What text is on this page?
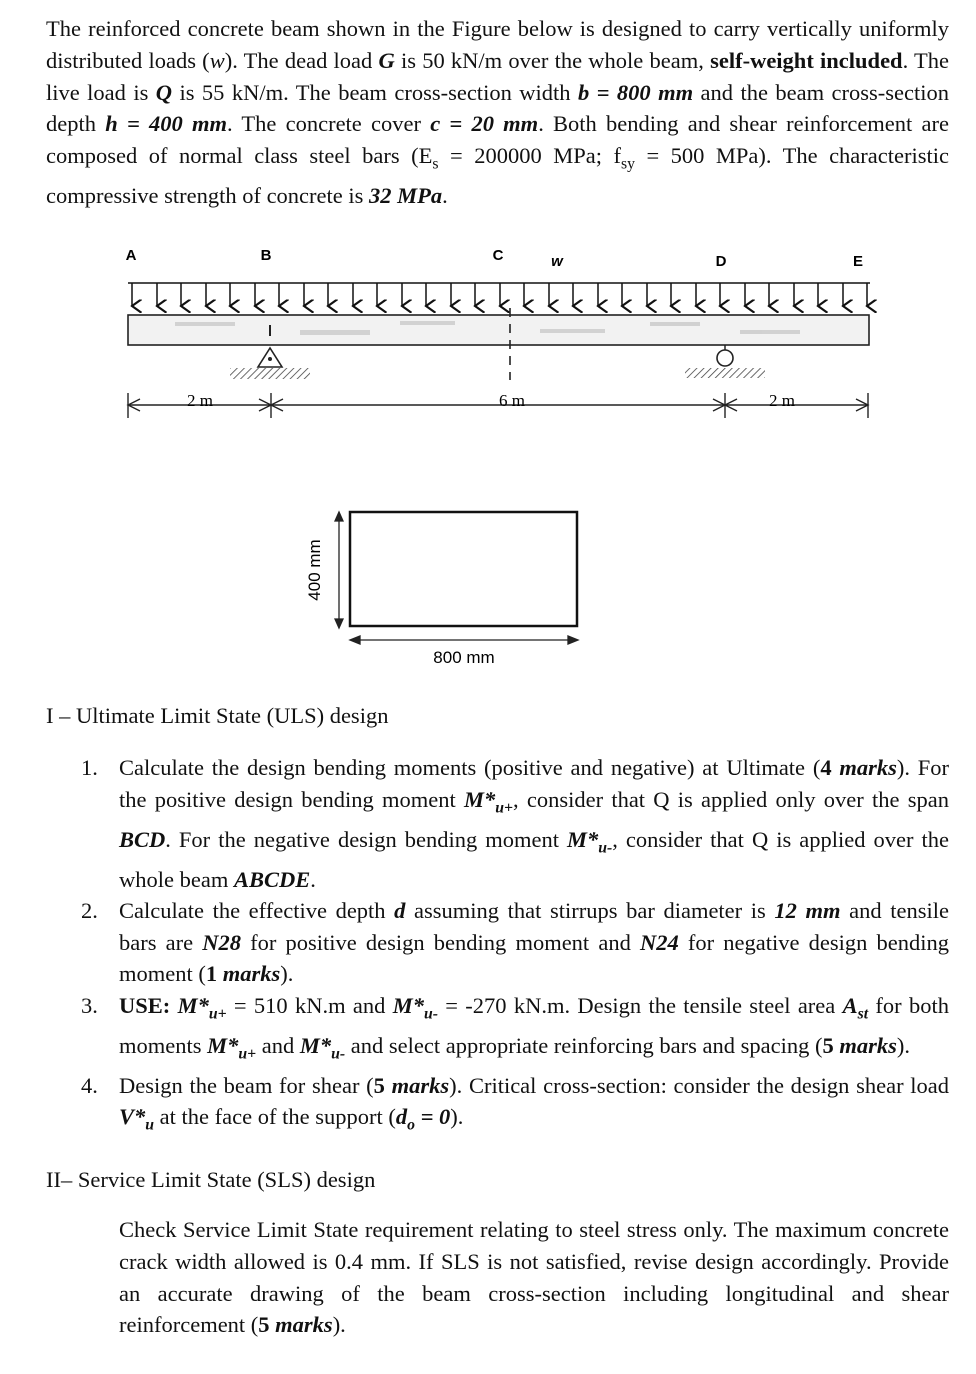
The reinforced concrete beam shown in the Figure below is designed to carry vertically uniformly distributed loads (w). The dead load G is 50 kN/m over the whole beam, self-weight included. The live load is Q is 55 kN/m. The beam cross-section width b = 800 mm and the beam cross-section depth h = 400 mm. The concrete cover c = 20 mm. Both bending and shear reinforcement are composed of normal class steel bars ($E_s = 200000$ MPa; $f_{sy} = 500$ MPa). The characteristic compressive strength of concrete is 32 MPa.
A	B	C	w	D	E
2 m	6 m	2 m
400 mm
800 mm
I – Ultimate Limit State (ULS) design
1. Calculate the design bending moments (positive and negative) at Ultimate (4 marks). For the positive design bending moment $M*_{u+}$, consider that Q is applied only over the span BCD. For the negative design bending moment $M*_{u-}$, consider that Q is applied over the whole beam ABCDE.
2. Calculate the effective depth d assuming that stirrups bar diameter is 12 mm and tensile bars are N28 for positive design bending moment and N24 for negative design bending moment (1 marks).
3. USE: $M*_{u+} = 510$ kN.m and $M*_{u-} = -270$ kN.m. Design the tensile steel area $A_{st}$ for both moments $M*_{u+}$ and $M*_{u-}$ and select appropriate reinforcing bars and spacing (5 marks).
4. Design the beam for shear (5 marks). Critical cross-section: consider the design shear load $V*_u$ at the face of the support $(d_o = 0)$.
II– Service Limit State (SLS) design
Check Service Limit State requirement relating to steel stress only. The maximum concrete crack width allowed is 0.4 mm. If SLS is not satisfied, revise design accordingly. Provide an accurate drawing of the beam cross-section including longitudinal and shear reinforcement (5 marks).
